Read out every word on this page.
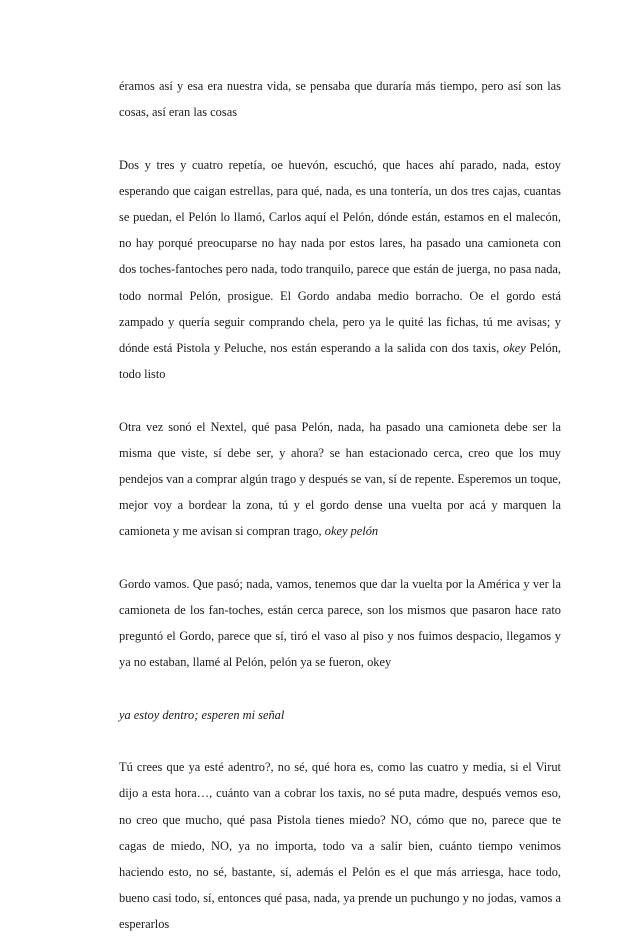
éramos así y esa era nuestra vida, se pensaba que duraría más tiempo, pero así son las cosas, así eran las cosas

Dos y tres y cuatro repetía, oe huevón, escuchó, que haces ahí parado, nada, estoy esperando que caigan estrellas, para qué, nada, es una tontería, un dos tres cajas, cuantas se puedan, el Pelón lo llamó, Carlos aquí el Pelón, dónde están, estamos en el malecón, no hay porqué preocuparse no hay nada por estos lares, ha pasado una camioneta con dos toches-fantoches pero nada, todo tranquilo, parece que están de juerga, no pasa nada, todo normal Pelón, prosigue. El Gordo andaba medio borracho. Oe el gordo está zampado y quería seguir comprando chela, pero ya le quité las fichas, tú me avisas; y dónde está Pistola y Peluche, nos están esperando a la salida con dos taxis, okey Pelón, todo listo

Otra vez sonó el Nextel, qué pasa Pelón, nada, ha pasado una camioneta debe ser la misma que viste, sí debe ser, y ahora? se han estacionado cerca, creo que los muy pendejos van a comprar algún trago y después se van, sí de repente. Esperemos un toque, mejor voy a bordear la zona, tú y el gordo dense una vuelta por acá y marquen la camioneta y me avisan si compran trago, okey pelón

Gordo vamos. Que pasó; nada, vamos, tenemos que dar la vuelta por la América y ver la camioneta de los fan-toches, están cerca parece, son los mismos que pasaron hace rato preguntó el Gordo, parece que sí, tiró el vaso al piso y nos fuimos despacio, llegamos y ya no estaban, llamé al Pelón, pelón ya se fueron, okey

ya estoy dentro; esperen mi señal

Tú crees que ya esté adentro?, no sé, qué hora es, como las cuatro y media, si el Virut dijo a esta hora…, cuánto van a cobrar los taxis, no sé puta madre, después vemos eso, no creo que mucho, qué pasa Pistola tienes miedo? NO, cómo que no, parece que te cagas de miedo, NO, ya no importa, todo va a salir bien, cuánto tiempo venimos haciendo esto, no sé, bastante, sí, además el Pelón es el que más arriesga, hace todo, bueno casi todo, sí, entonces qué pasa, nada, ya prende un puchungo y no jodas, vamos a esperarlos
